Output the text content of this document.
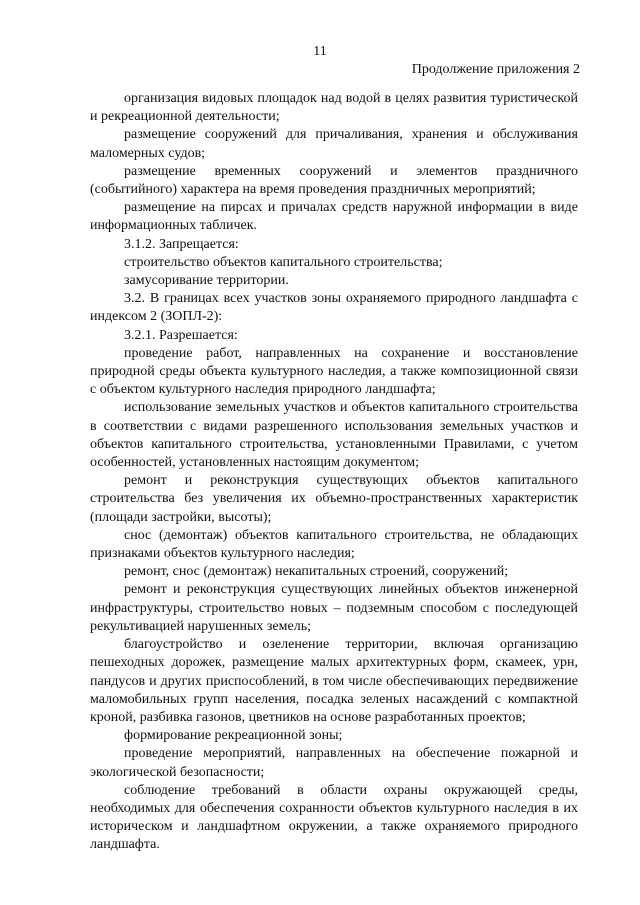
11
Продолжение приложения 2

организация видовых площадок над водой в целях развития туристической и рекреационной деятельности;

размещение сооружений для причаливания, хранения и обслуживания маломерных судов;

размещение временных сооружений и элементов праздничного (событийного) характера на время проведения праздничных мероприятий;

размещение на пирсах и причалах средств наружной информации в виде информационных табличек.

3.1.2. Запрещается:

строительство объектов капитального строительства;

замусоривание территории.

3.2. В границах всех участков зоны охраняемого природного ландшафта с индексом 2 (ЗОПЛ-2):

3.2.1. Разрешается:

проведение работ, направленных на сохранение и восстановление природной среды объекта культурного наследия, а также композиционной связи с объектом культурного наследия природного ландшафта;

использование земельных участков и объектов капитального строительства в соответствии с видами разрешенного использования земельных участков и объектов капитального строительства, установленными Правилами, с учетом особенностей, установленных настоящим документом;

ремонт и реконструкция существующих объектов капитального строительства без увеличения их объемно-пространственных характеристик (площади застройки, высоты);

снос (демонтаж) объектов капитального строительства, не обладающих признаками объектов культурного наследия;

ремонт, снос (демонтаж) некапитальных строений, сооружений;

ремонт и реконструкция существующих линейных объектов инженерной инфраструктуры, строительство новых – подземным способом с последующей рекультивацией нарушенных земель;

благоустройство и озеленение территории, включая организацию пешеходных дорожек, размещение малых архитектурных форм, скамеек, урн, пандусов и других приспособлений, в том числе обеспечивающих передвижение маломобильных групп населения, посадка зеленых насаждений с компактной кроной, разбивка газонов, цветников на основе разработанных проектов;

формирование рекреационной зоны;

проведение мероприятий, направленных на обеспечение пожарной и экологической безопасности;

соблюдение требований в области охраны окружающей среды, необходимых для обеспечения сохранности объектов культурного наследия в их историческом и ландшафтном окружении, а также охраняемого природного ландшафта.
